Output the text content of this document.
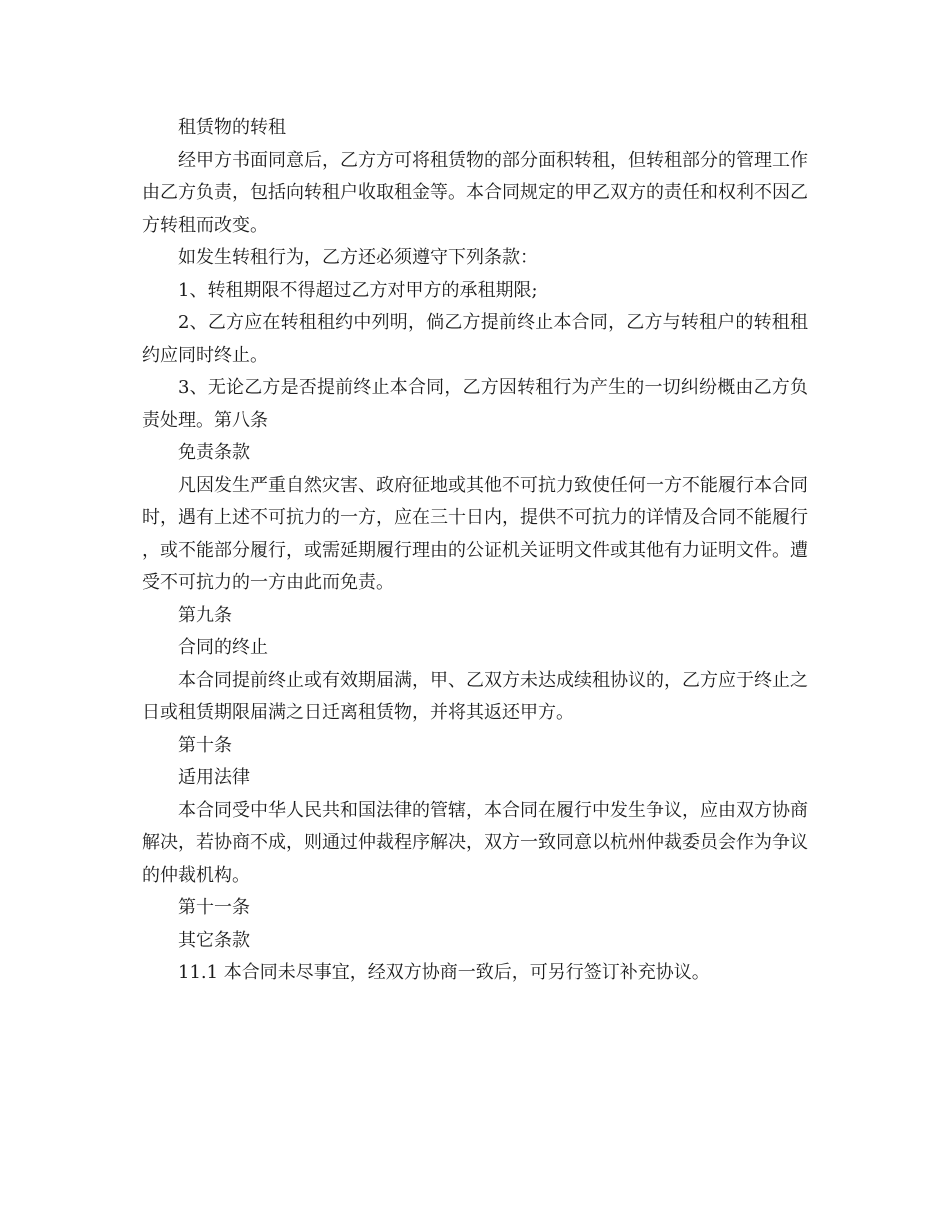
租赁物的转租

经甲方书面同意后，乙方方可将租赁物的部分面积转租，但转租部分的管理工作由乙方负责，包括向转租户收取租金等。本合同规定的甲乙双方的责任和权利不因乙方转租而改变。

如发生转租行为，乙方还必须遵守下列条款：

1、转租期限不得超过乙方对甲方的承租期限;

2、乙方应在转租租约中列明，倘乙方提前终止本合同，乙方与转租户的转租租约应同时终止。

3、无论乙方是否提前终止本合同，乙方因转租行为产生的一切纠纷概由乙方负责处理。第八条

免责条款

凡因发生严重自然灾害、政府征地或其他不可抗力致使任何一方不能履行本合同时，遇有上述不可抗力的一方，应在三十日内，提供不可抗力的详情及合同不能履行，或不能部分履行，或需延期履行理由的公证机关证明文件或其他有力证明文件。遭受不可抗力的一方由此而免责。

第九条

合同的终止

本合同提前终止或有效期届满，甲、乙双方未达成续租协议的，乙方应于终止之日或租赁期限届满之日迁离租赁物，并将其返还甲方。

第十条

适用法律

本合同受中华人民共和国法律的管辖，本合同在履行中发生争议，应由双方协商解决，若协商不成，则通过仲裁程序解决，双方一致同意以杭州仲裁委员会作为争议的仲裁机构。

第十一条

其它条款

11.1 本合同未尽事宜，经双方协商一致后，可另行签订补充协议。
